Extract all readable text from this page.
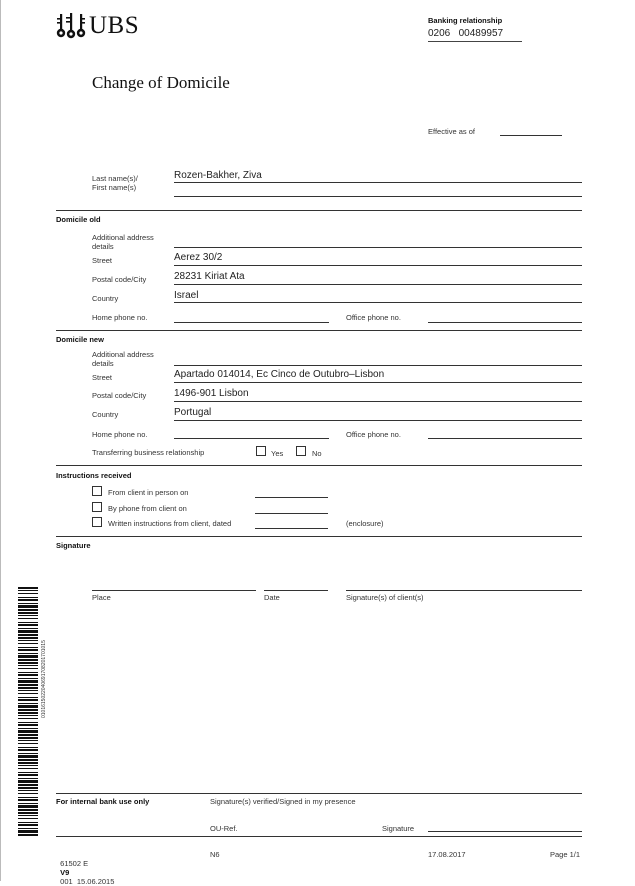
UBS	Banking relationship
0206   00489957
Change of Domicile
Effective as of
Last name(s)/
First name(s)
Rozen-Bakher, Ziva
Domicile old
Additional address
details
Street	Aerez 30/2
Postal code/City	28231 Kiriat Ata
Country	Israel
Home phone no.	Office phone no.
Domicile new
Additional address
details
Street	Apartado 014014, Ec Cinco de Outubro–Lisbon
Postal code/City	1496-901 Lisbon
Country	Portugal
Home phone no.	Office phone no.
Transferring business relationship	Yes	No
Instructions received
From client in person on
By phone from client on
Written instructions from client, dated	(enclosure)
Signature
Place	Date	Signature(s) of client(s)
For internal bank use only	Signature(s) verified/Signed in my presence
OU-Ref.	Signature

61502 E
V9
001  15.06.2015

N6	17.08.2017	Page 1/1
0101615022040691708201701015
